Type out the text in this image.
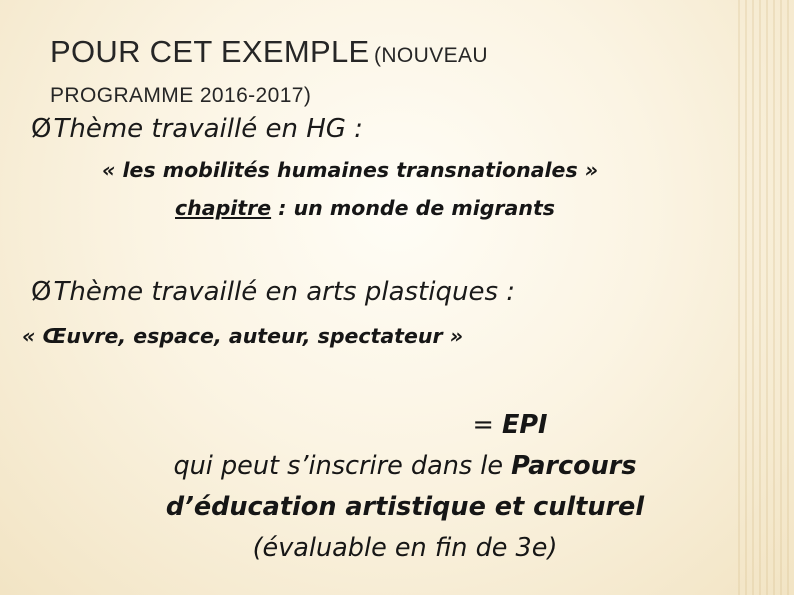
POUR CET EXEMPLE (NOUVEAU
PROGRAMME 2016-2017)
ØThème travaillé en HG :
« les mobilités humaines transnationales »
chapitre : un monde de migrants
ØThème travaillé en arts plastiques :
« Œuvre, espace, auteur, spectateur »
= EPI
qui peut s’inscrire dans le Parcours
d’éducation artistique et culturel
(évaluable en fin de 3e)
